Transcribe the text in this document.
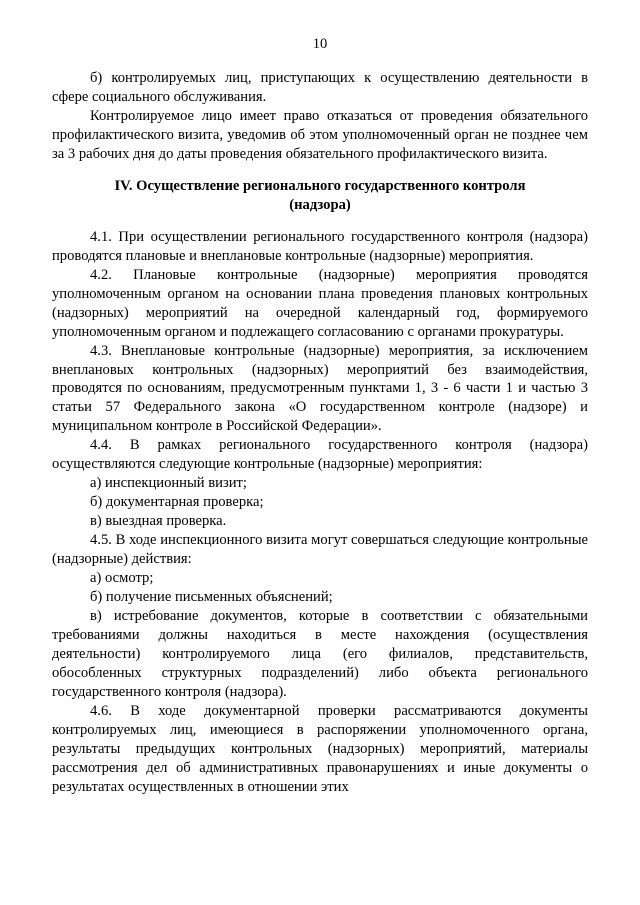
10

б) контролируемых лиц, приступающих к осуществлению деятельности в сфере социального обслуживания.

Контролируемое лицо имеет право отказаться от проведения обязательного профилактического визита, уведомив об этом уполномоченный орган не позднее чем за 3 рабочих дня до даты проведения обязательного профилактического визита.

IV. Осуществление регионального государственного контроля
(надзора)

4.1. При осуществлении регионального государственного контроля (надзора) проводятся плановые и внеплановые контрольные (надзорные) мероприятия.

4.2. Плановые контрольные (надзорные) мероприятия проводятся уполномоченным органом на основании плана проведения плановых контрольных (надзорных) мероприятий на очередной календарный год, формируемого уполномоченным органом и подлежащего согласованию с органами прокуратуры.

4.3. Внеплановые контрольные (надзорные) мероприятия, за исключением внеплановых контрольных (надзорных) мероприятий без взаимодействия, проводятся по основаниям, предусмотренным пунктами 1, 3 - 6 части 1 и частью 3 статьи 57 Федерального закона «О государственном контроле (надзоре) и муниципальном контроле в Российской Федерации».

4.4. В рамках регионального государственного контроля (надзора) осуществляются следующие контрольные (надзорные) мероприятия:

а) инспекционный визит;

б) документарная проверка;

в) выездная проверка.

4.5. В ходе инспекционного визита могут совершаться следующие контрольные (надзорные) действия:

а) осмотр;

б) получение письменных объяснений;

в) истребование документов, которые в соответствии с обязательными требованиями должны находиться в месте нахождения (осуществления деятельности) контролируемого лица (его филиалов, представительств, обособленных структурных подразделений) либо объекта регионального государственного контроля (надзора).

4.6. В ходе документарной проверки рассматриваются документы контролируемых лиц, имеющиеся в распоряжении уполномоченного органа, результаты предыдущих контрольных (надзорных) мероприятий, материалы рассмотрения дел об административных правонарушениях и иные документы о результатах осуществленных в отношении этих
